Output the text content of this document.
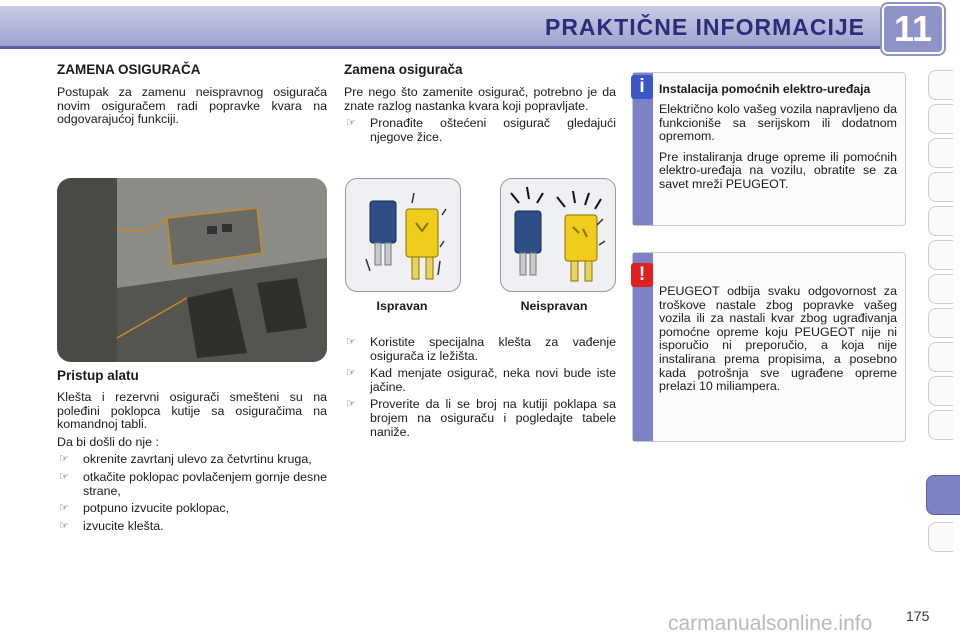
PRAKTIČNE INFORMACIJE 11
ZAMENA OSIGURAČA

Postupak za zamenu neispravnog osigurača novim osiguračem radi popravke kvara na odgovarajućoj funkciji.

Pristup alatu

Klešta i rezervni osigurači smešteni su na poleđini poklopca kutije sa osiguračima na komandnoj tabli.

Da bi došli do nje :

☞ okrenite zavrtanj ulevo za četvrtinu kruga,
☞ otkačite poklopac povlačenjem gornje desne strane,
☞ potpuno izvucite poklopac,
☞ izvucite klešta.
Zamena osigurača

Pre nego što zamenite osigurač, potrebno je da znate razlog nastanka kvara koji popravljate.

☞ Pronađite oštećeni osigurač gledajući njegove žice.
Ispravan	Neispravan
☞ Koristite specijalna klešta za vađenje osigurača iz ležišta.
☞ Kad menjate osigurač, neka novi bude iste jačine.
☞ Proverite da li se broj na kutiji poklapa sa brojem na osiguraču i pogledajte tabele naniže.
i	Instalacija pomoćnih elektro-uređaja

Električno kolo vašeg vozila napravljeno da funkcioniše sa serijskom ili dodatnom opremom.

Pre instaliranja druge opreme ili pomoćnih elektro-uređaja na vozilu, obratite se za savet mreži PEUGEOT.

!

PEUGEOT odbija svaku odgovornost za troškove nastale zbog popravke vašeg vozila ili za nastali kvar zbog ugrađivanja pomoćne opreme koju PEUGEOT nije ni isporučio ni preporučio, a koja nije instalirana prema propisima, a posebno kada potrošnja sve ugrađene opreme prelazi 10 miliampera.

175
carmanualsonline.info
